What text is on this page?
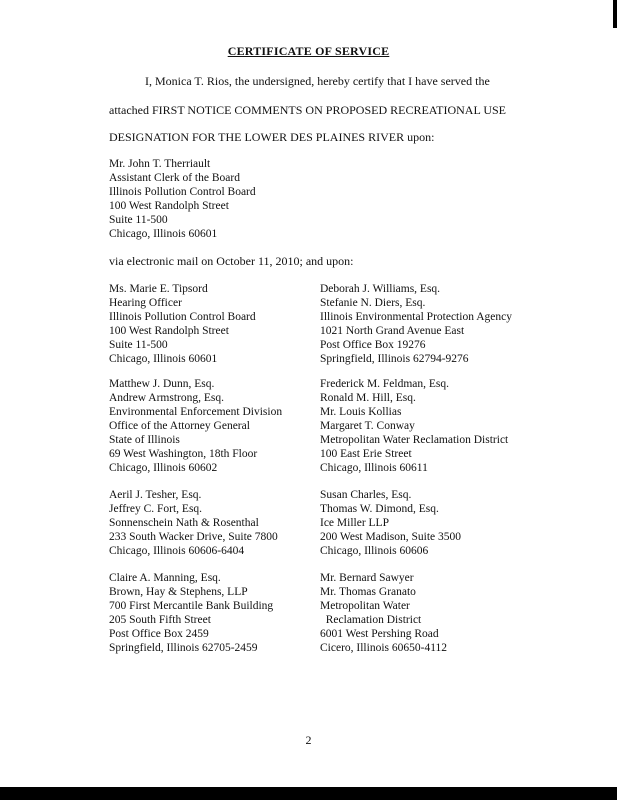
CERTIFICATE OF SERVICE
I, Monica T. Rios, the undersigned, hereby certify that I have served the
attached FIRST NOTICE COMMENTS ON PROPOSED RECREATIONAL USE
DESIGNATION FOR THE LOWER DES PLAINES RIVER upon:
Mr. John T. Therriault
Assistant Clerk of the Board
Illinois Pollution Control Board
100 West Randolph Street
Suite 11-500
Chicago, Illinois 60601
via electronic mail on October 11, 2010; and upon:
Ms. Marie E. Tipsord
Hearing Officer
Illinois Pollution Control Board
100 West Randolph Street
Suite 11-500
Chicago, Illinois 60601
Deborah J. Williams, Esq.
Stefanie N. Diers, Esq.
Illinois Environmental Protection Agency
1021 North Grand Avenue East
Post Office Box 19276
Springfield, Illinois 62794-9276
Matthew J. Dunn, Esq.
Andrew Armstrong, Esq.
Environmental Enforcement Division
Office of the Attorney General
State of Illinois
69 West Washington, 18th Floor
Chicago, Illinois 60602
Frederick M. Feldman, Esq.
Ronald M. Hill, Esq.
Mr. Louis Kollias
Margaret T. Conway
Metropolitan Water Reclamation District
100 East Erie Street
Chicago, Illinois 60611
Aeril J. Tesher, Esq.
Jeffrey C. Fort, Esq.
Sonnenschein Nath & Rosenthal
233 South Wacker Drive, Suite 7800
Chicago, Illinois 60606-6404
Susan Charles, Esq.
Thomas W. Dimond, Esq.
Ice Miller LLP
200 West Madison, Suite 3500
Chicago, Illinois 60606
Claire A. Manning, Esq.
Brown, Hay & Stephens, LLP
700 First Mercantile Bank Building
205 South Fifth Street
Post Office Box 2459
Springfield, Illinois 62705-2459
Mr. Bernard Sawyer
Mr. Thomas Granato
Metropolitan Water
Reclamation District
6001 West Pershing Road
Cicero, Illinois 60650-4112
2
